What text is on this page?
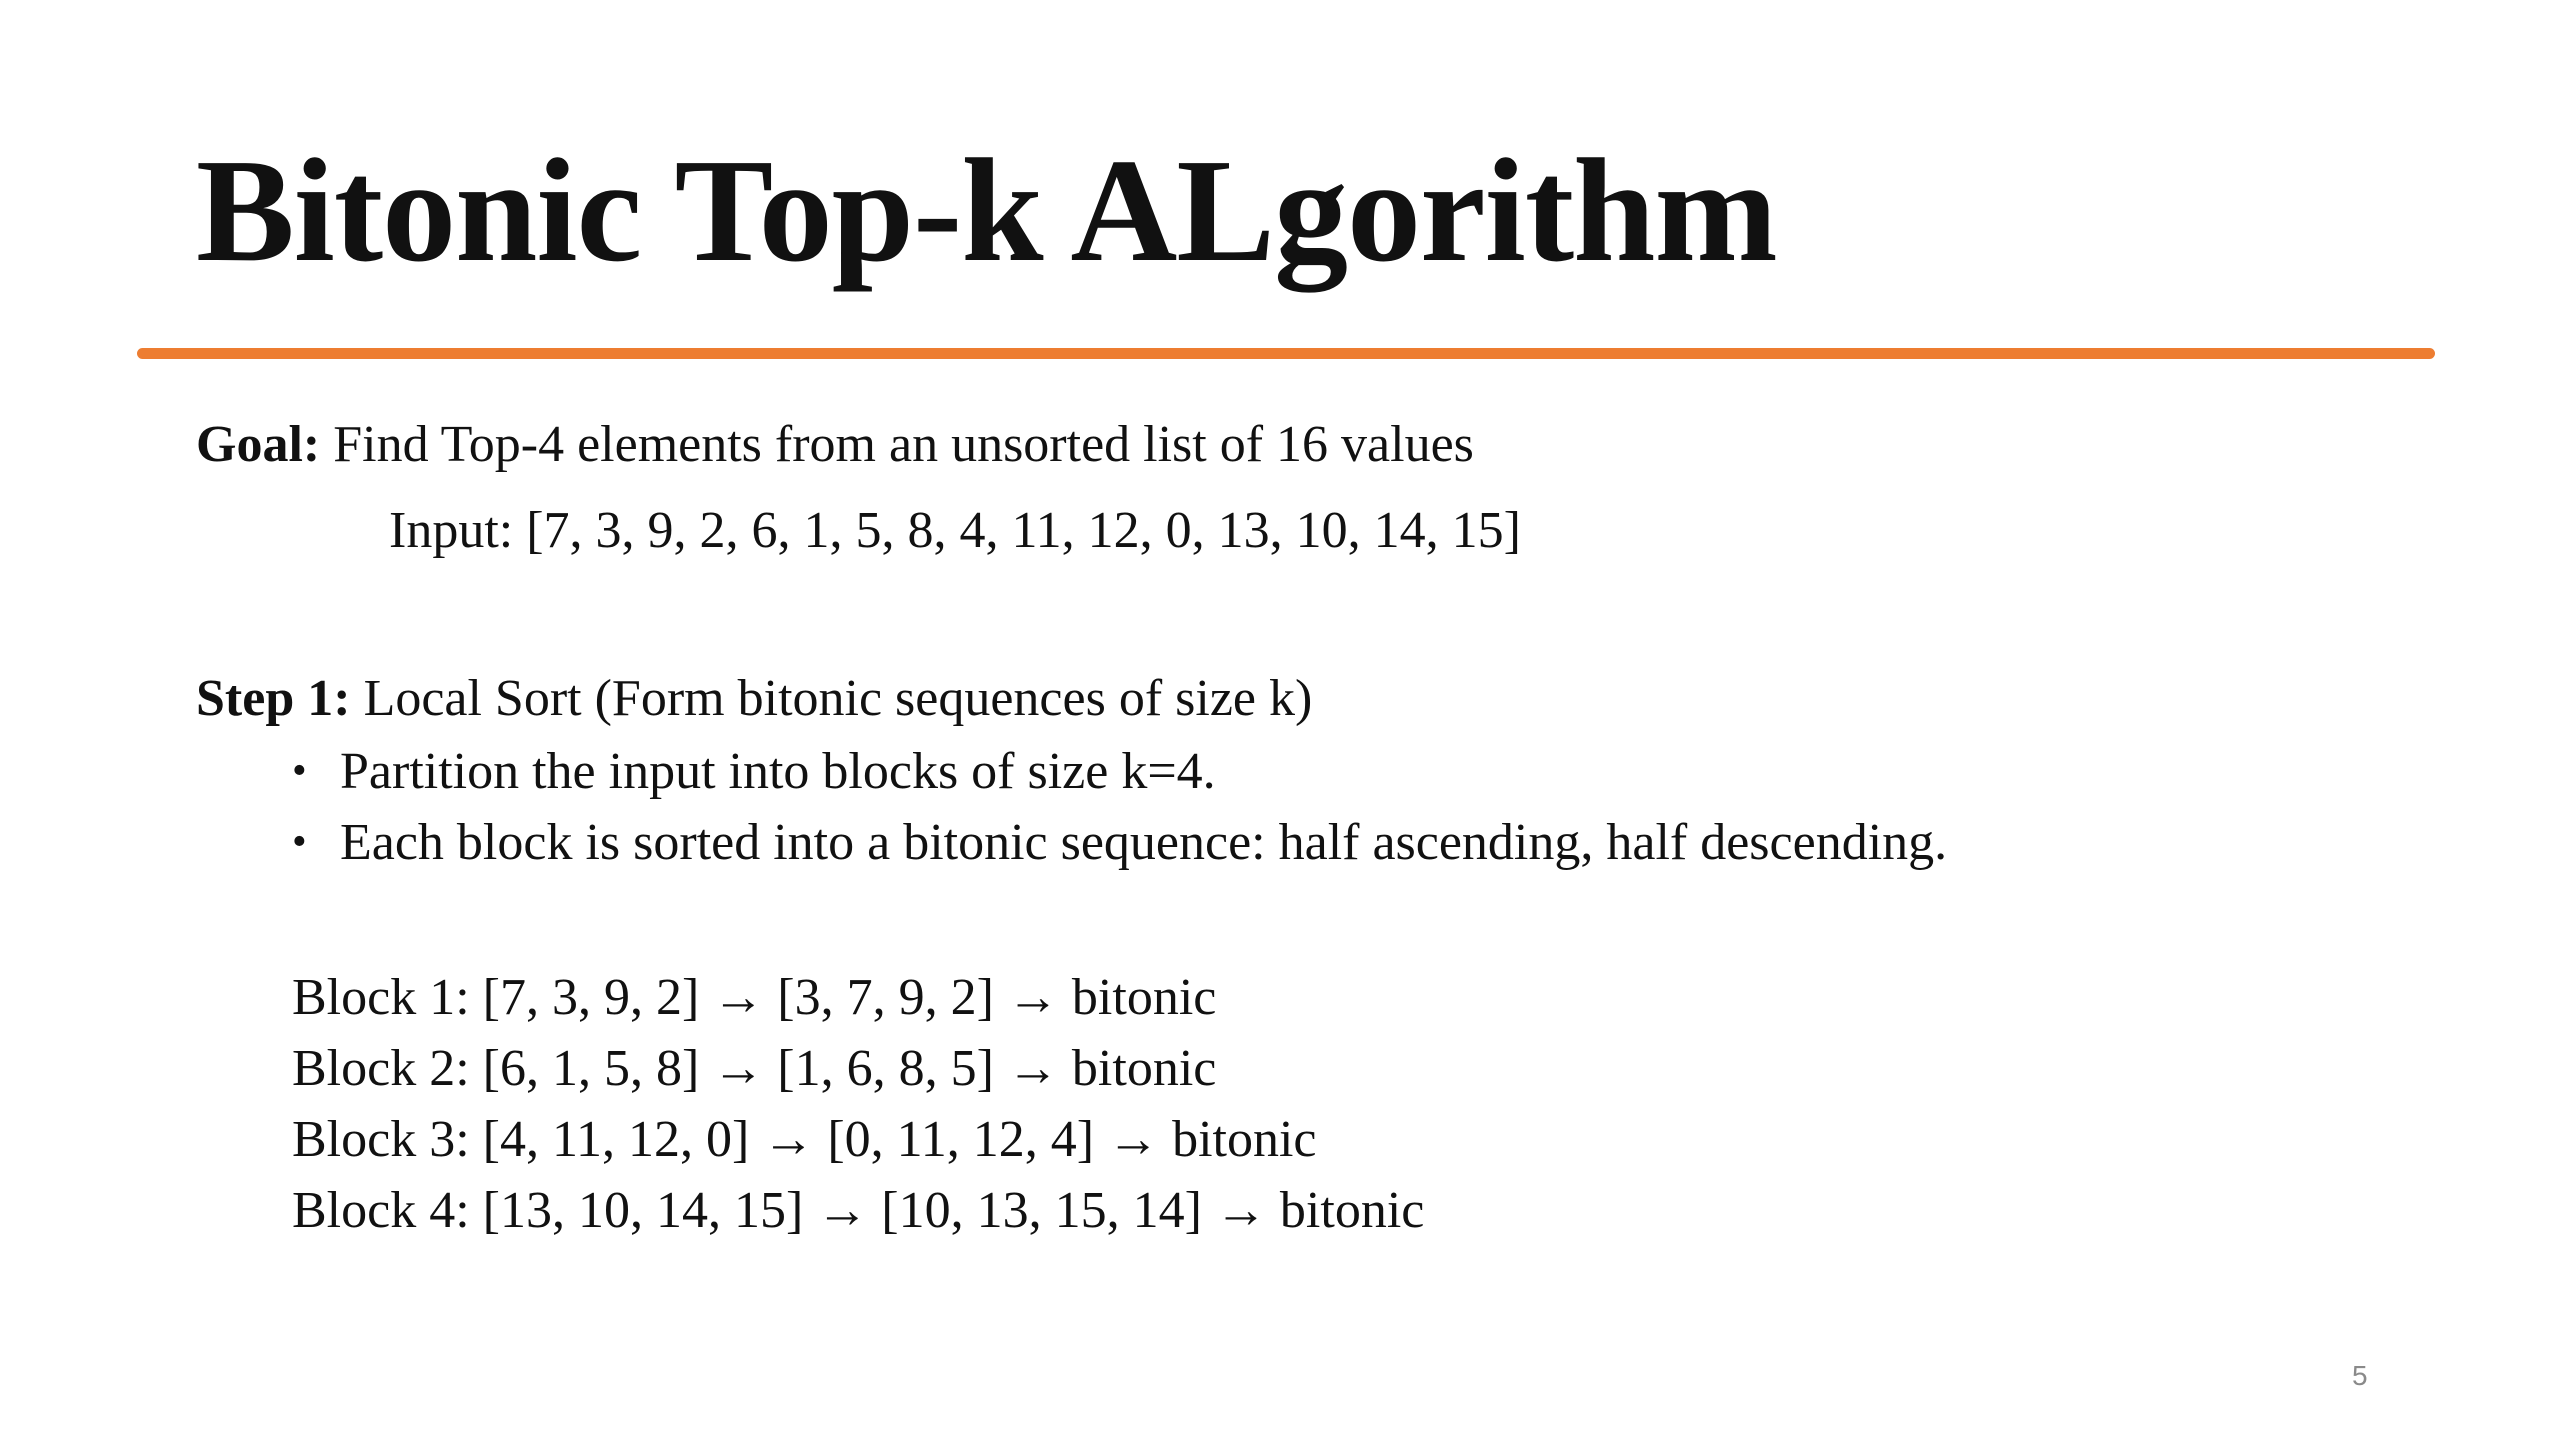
Bitonic Top-k ALgorithm
Goal: Find Top-4 elements from an unsorted list of 16 values
Input: [7, 3, 9, 2, 6, 1, 5, 8, 4, 11, 12, 0, 13, 10, 14, 15]
Step 1: Local Sort (Form bitonic sequences of size k)
• Partition the input into blocks of size k=4.
• Each block is sorted into a bitonic sequence: half ascending, half descending.
Block 1: [7, 3, 9, 2] → [3, 7, 9, 2] → bitonic
Block 2: [6, 1, 5, 8] → [1, 6, 8, 5] → bitonic
Block 3: [4, 11, 12, 0] → [0, 11, 12, 4] → bitonic
Block 4: [13, 10, 14, 15] → [10, 13, 15, 14] → bitonic
5
